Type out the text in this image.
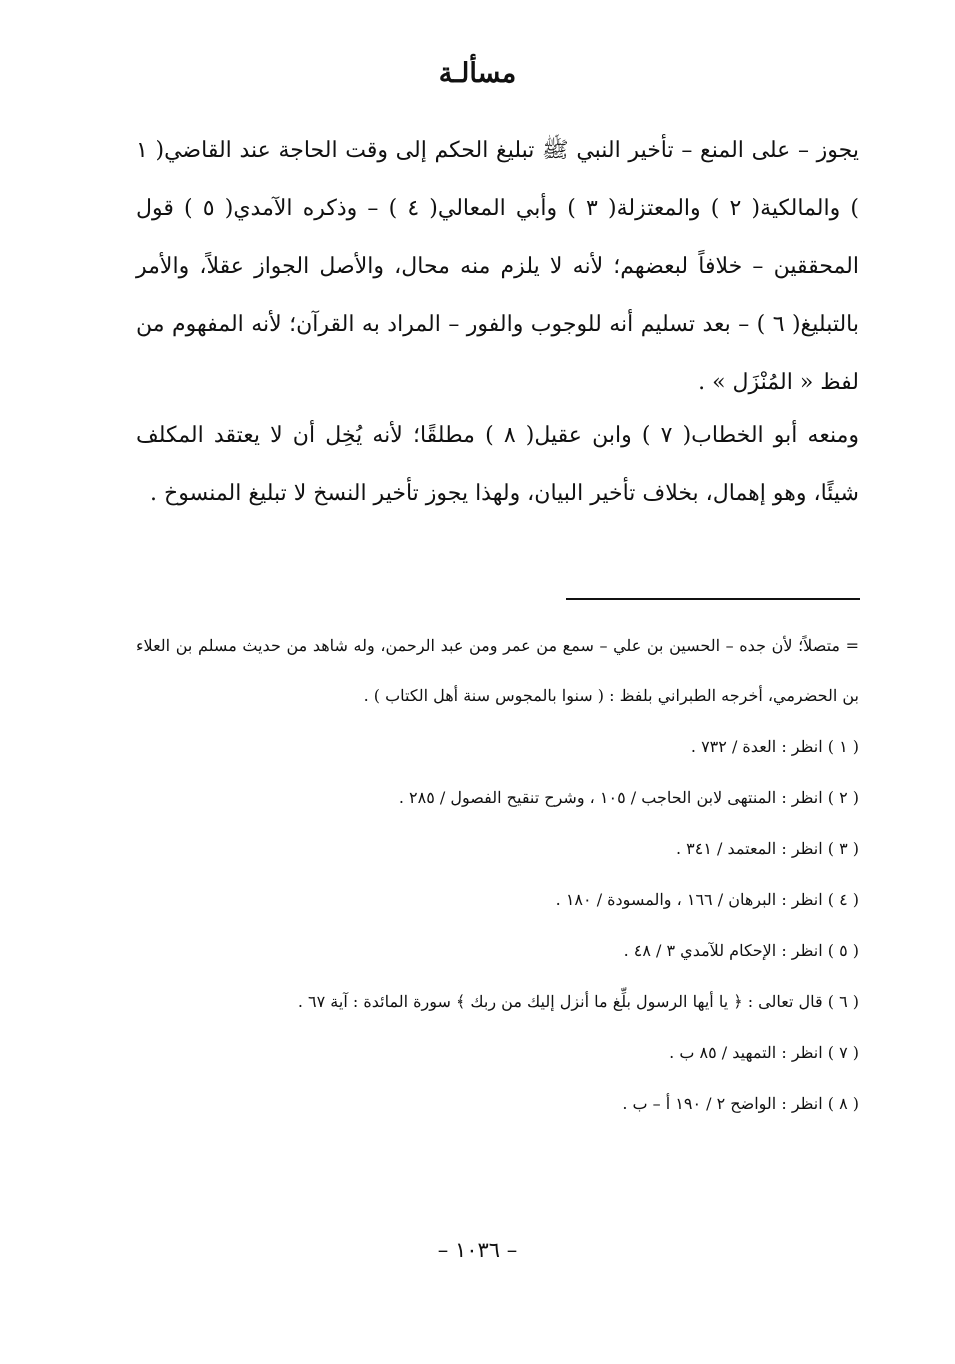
مسألـة

يجوز – على المنع – تأخير النبي ﷺ تبليغ الحكم إلى وقت الحاجة عند القاضي( ١ ) والمالكية( ٢ ) والمعتزلة( ٣ ) وأبي المعالي( ٤ ) – وذكره الآمدي( ٥ ) قول المحققين – خلافاً لبعضهم؛ لأنه لا يلزم منه محال، والأصل الجواز عقلاً، والأمر بالتبليغ( ٦ ) – بعد تسليم أنه للوجوب والفور – المراد به القرآن؛ لأنه المفهوم من لفظ « المُنْزَل » .

ومنعه أبو الخطاب( ٧ ) وابن عقيل( ٨ ) مطلقًا؛ لأنه يُخِل أن لا يعتقد المكلف شيئًا، وهو إهمال، بخلاف تأخير البيان، ولهذا يجوز تأخير النسخ لا تبليغ المنسوخ .

= متصلاً؛ لأن جده – الحسين بن علي – سمع من عمر ومن عبد الرحمن، وله شاهد من حديث مسلم بن العلاء بن الحضرمي، أخرجه الطبراني بلفظ : ( سنوا بالمجوس سنة أهل الكتاب ) .

( ١ ) انظر : العدة / ٧٣٢ .

( ٢ ) انظر : المنتهى لابن الحاجب / ١٠٥ ، وشرح تنقيح الفصول / ٢٨٥ .

( ٣ ) انظر : المعتمد / ٣٤١ .

( ٤ ) انظر : البرهان / ١٦٦ ، والمسودة / ١٨٠ .

( ٥ ) انظر : الإحكام للآمدي ٣ / ٤٨ .

( ٦ ) قال تعالى : ﴿ يا أيها الرسول بلِّغ ما أنزل إليك من ربك ﴾ سورة المائدة : آية ٦٧ .

( ٧ ) انظر : التمهيد / ٨٥ ب .

( ٨ ) انظر : الواضح ٢ / ١٩٠ أ – ب .

– ١٠٣٦ –
